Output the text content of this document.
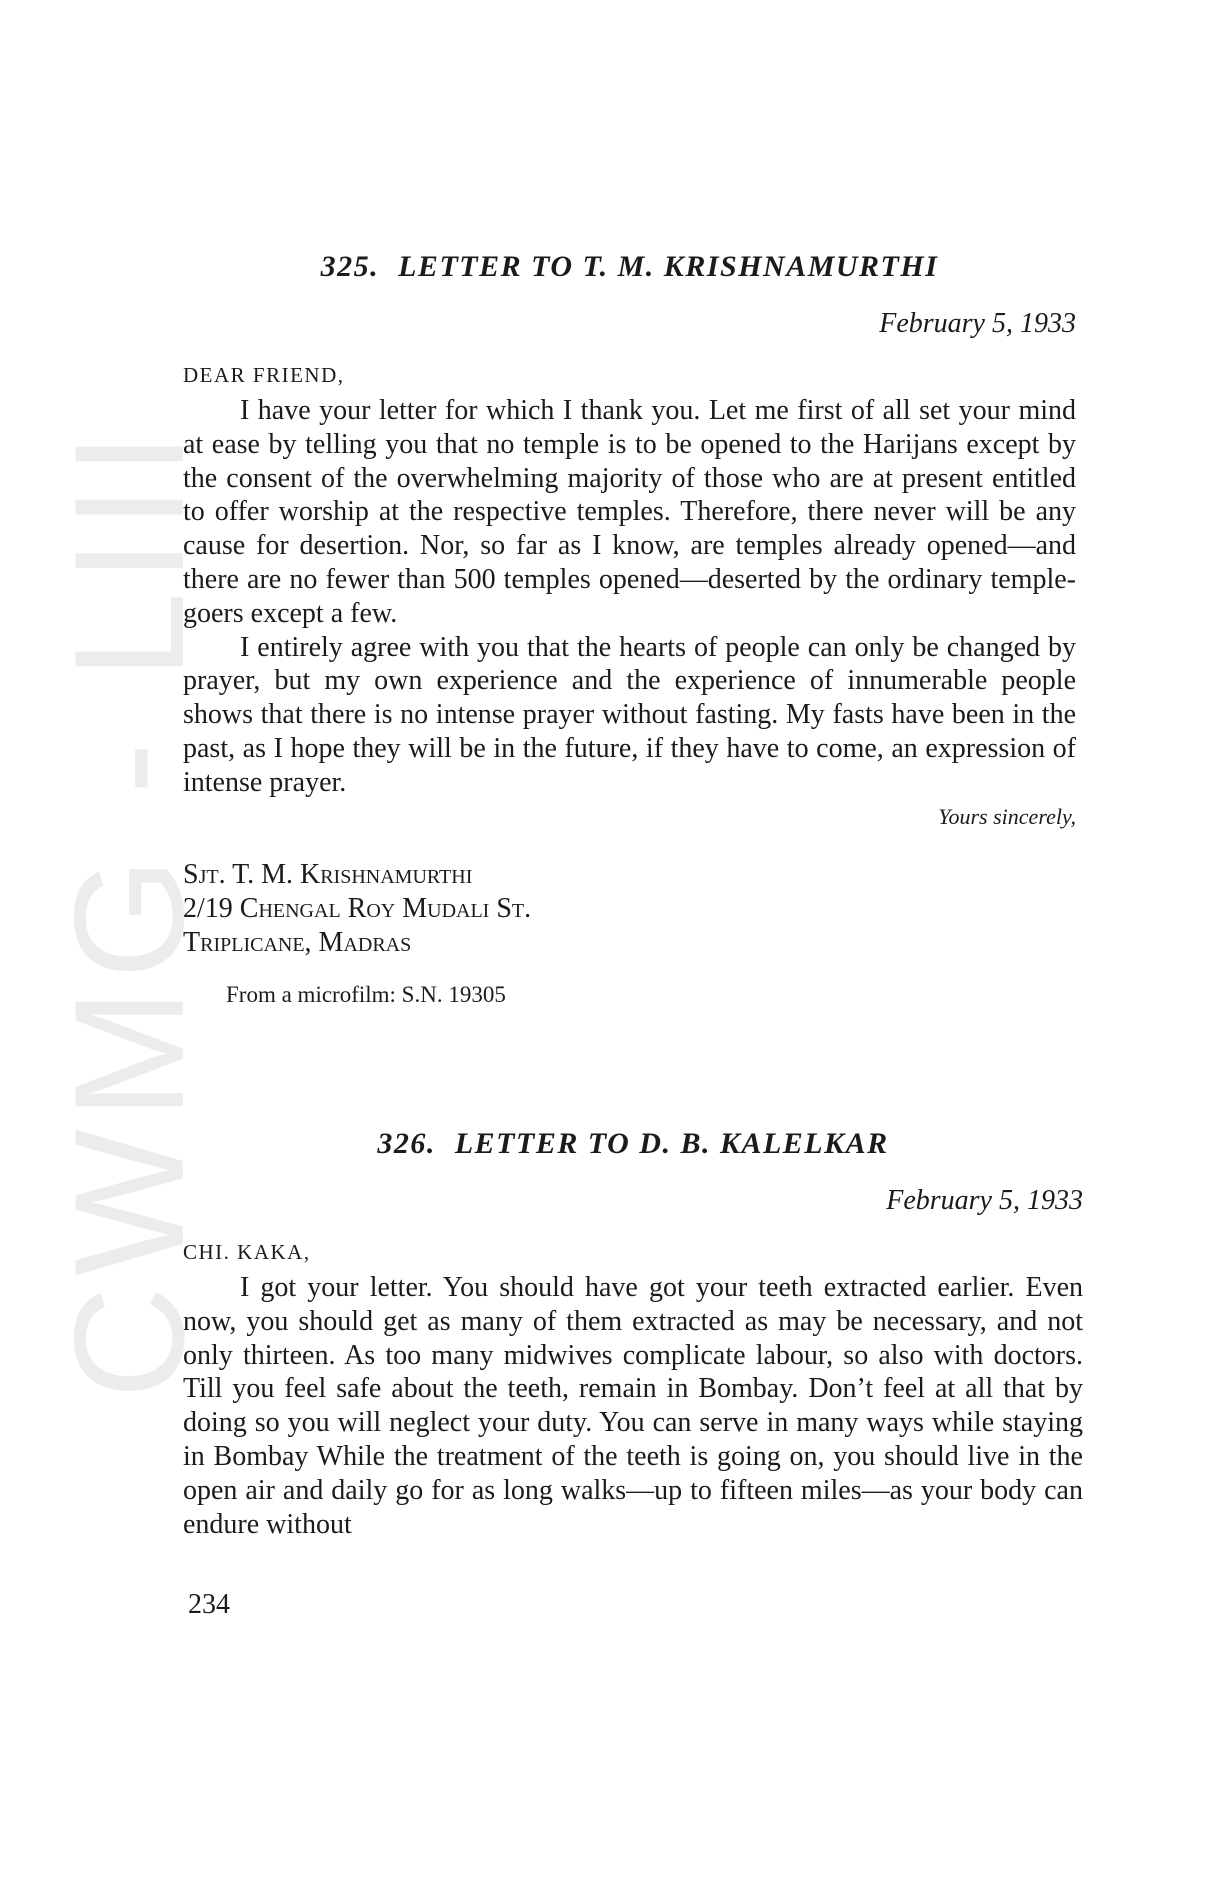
CWMG - LIII
325. LETTER TO T. M. KRISHNAMURTHI

February 5, 1933

DEAR FRIEND,

I have your letter for which I thank you. Let me first of all set your mind at ease by telling you that no temple is to be opened to the Harijans except by the consent of the overwhelming majority of those who are at present entitled to offer worship at the respective temples. Therefore, there never will be any cause for desertion. Nor, so far as I know, are temples already opened—and there are no fewer than 500 temples opened—deserted by the ordinary temple-goers except a few.

I entirely agree with you that the hearts of people can only be changed by prayer, but my own experience and the experience of innumerable people shows that there is no intense prayer without fasting. My fasts have been in the past, as I hope they will be in the future, if they have to come, an expression of intense prayer.

Yours sincerely,

Sjt. T. M. Krishnamurthi
2/19 Chengal Roy Mudali St.
Triplicane, Madras

From a microfilm: S.N. 19305

326. LETTER TO D. B. KALELKAR

February 5, 1933

CHI. KAKA,

I got your letter. You should have got your teeth extracted earlier. Even now, you should get as many of them extracted as may be necessary, and not only thirteen. As too many midwives complicate labour, so also with doctors. Till you feel safe about the teeth, remain in Bombay. Don’t feel at all that by doing so you will neglect your duty. You can serve in many ways while staying in Bombay While the treatment of the teeth is going on, you should live in the open air and daily go for as long walks—up to fifteen miles—as your body can endure without

234
